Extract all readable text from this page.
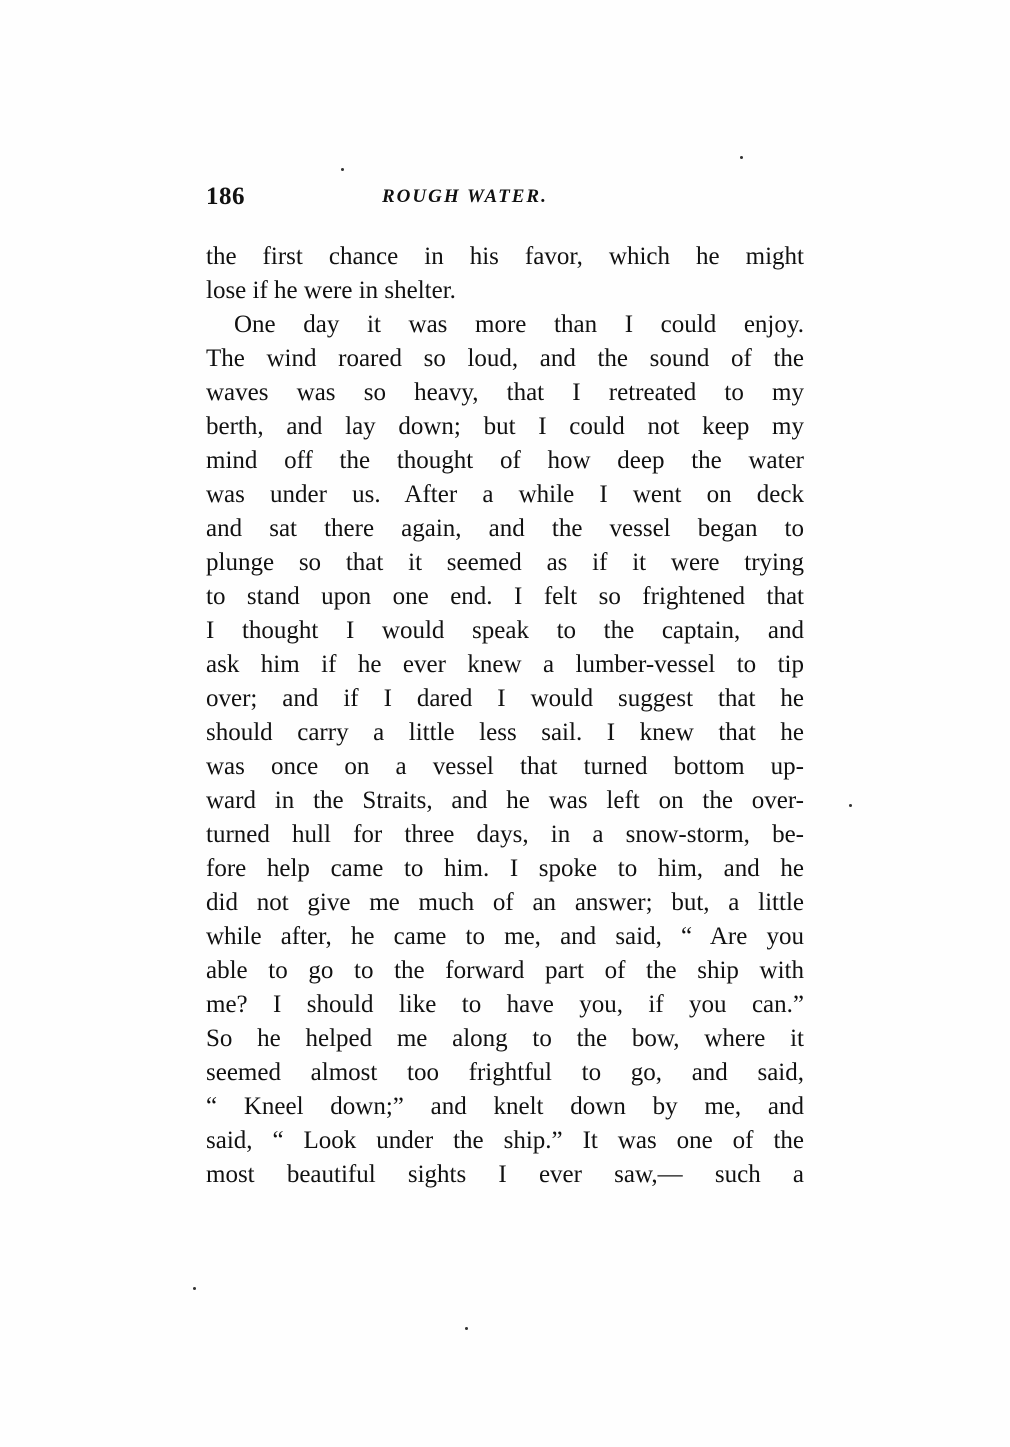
186	ROUGH WATER.
the first chance in his favor, which he might
lose if he were in shelter.
One day it was more than I could enjoy.
The wind roared so loud, and the sound of the
waves was so heavy, that I retreated to my
berth, and lay down; but I could not keep my
mind off the thought of how deep the water
was under us. After a while I went on deck
and sat there again, and the vessel began to
plunge so that it seemed as if it were trying
to stand upon one end. I felt so frightened that
I thought I would speak to the captain, and
ask him if he ever knew a lumber-vessel to tip
over; and if I dared I would suggest that he
should carry a little less sail. I knew that he
was once on a vessel that turned bottom up-
ward in the Straits, and he was left on the over-
turned hull for three days, in a snow-storm, be-
fore help came to him. I spoke to him, and he
did not give me much of an answer; but, a little
while after, he came to me, and said, “ Are you
able to go to the forward part of the ship with
me? I should like to have you, if you can.”
So he helped me along to the bow, where it
seemed almost too frightful to go, and said,
“ Kneel down;” and knelt down by me, and
said, “ Look under the ship.” It was one of the
most beautiful sights I ever saw,— such a
